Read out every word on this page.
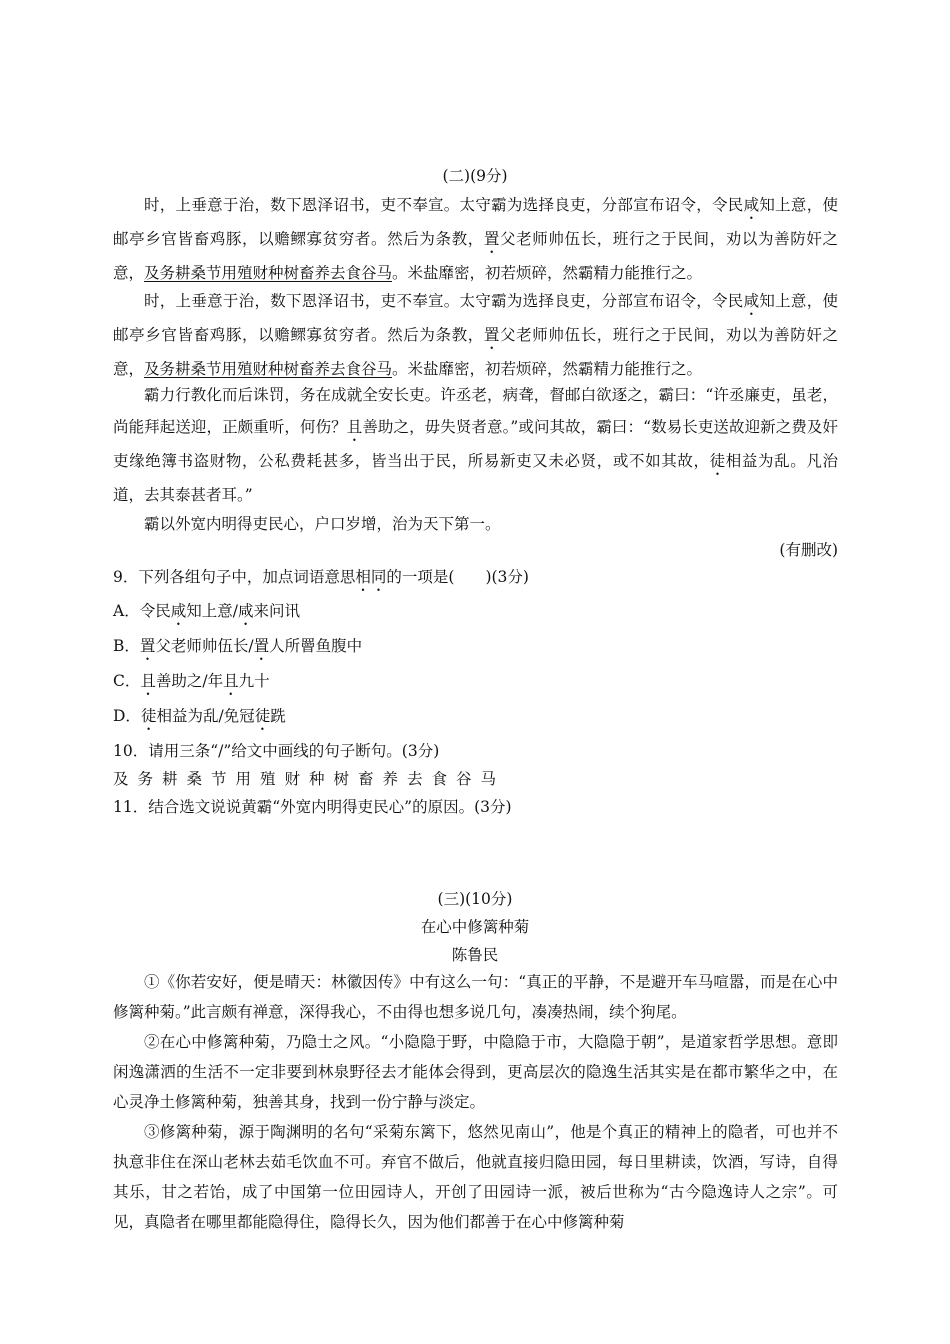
(二)(9分)
时，上垂意于治，数下恩泽诏书，吏不奉宣。太守霸为选择良吏，分部宣布诏令，令民咸知上意，使邮亭乡官皆畜鸡豚，以赡鳏寡贫穷者。然后为条教，置父老师帅伍长，班行之于民间，劝以为善防奸之意，及务耕桑节用殖财种树畜养去食谷马。米盐靡密，初若烦碎，然霸精力能推行之。
时，上垂意于治，数下恩泽诏书，吏不奉宣。太守霸为选择良吏，分部宣布诏令，令民咸知上意，使邮亭乡官皆畜鸡豚，以赡鳏寡贫穷者。然后为条教，置父老师帅伍长，班行之于民间，劝以为善防奸之意，及务耕桑节用殖财种树畜养去食谷马。米盐靡密，初若烦碎，然霸精力能推行之。
霸力行教化而后诛罚，务在成就全安长吏。许丞老，病聋，督邮白欲逐之，霸曰：“许丞廉吏，虽老，尚能拜起送迎，正颇重听，何伤？且善助之，毋失贤者意。”或问其故，霸曰：“数易长吏送故迎新之费及奸吏缘绝簿书盗财物，公私费耗甚多，皆当出于民，所易新吏又未必贤，或不如其故，徒相益为乱。凡治道，去其泰甚者耳。”
霸以外宽内明得吏民心，户口岁增，治为天下第一。
(有删改)
9．下列各组句子中，加点词语意思相同的一项是(　　)(3分)
A．令民咸知上意/咸来问讯
B．置父老师帅伍长/置人所罾鱼腹中
C．且善助之/年且九十
D．徒相益为乱/免冠徒跣
10．请用三条“/”给文中画线的句子断句。(3分)
及务耕桑节用殖财种树畜养去食谷马
11．结合选文说说黄霸“外宽内明得吏民心”的原因。(3分)
(三)(10分)
在心中修篱种菊
陈鲁民
①《你若安好，便是晴天：林徽因传》中有这么一句：“真正的平静，不是避开车马喧嚣，而是在心中修篱种菊。”此言颇有禅意，深得我心，不由得也想多说几句，凑凑热闹，续个狗尾。
②在心中修篱种菊，乃隐士之风。“小隐隐于野，中隐隐于市，大隐隐于朝”，是道家哲学思想。意即闲逸潇洒的生活不一定非要到林泉野径去才能体会得到，更高层次的隐逸生活其实是在都市繁华之中，在心灵净土修篱种菊，独善其身，找到一份宁静与淡定。
③修篱种菊，源于陶渊明的名句“采菊东篱下，悠然见南山”，他是个真正的精神上的隐者，可也并不执意非住在深山老林去茹毛饮血不可。弃官不做后，他就直接归隐田园，每日里耕读，饮酒，写诗，自得其乐，甘之若饴，成了中国第一位田园诗人，开创了田园诗一派，被后世称为“古今隐逸诗人之宗”。可见，真隐者在哪里都能隐得住，隐得长久，因为他们都善于在心中修篱种菊
